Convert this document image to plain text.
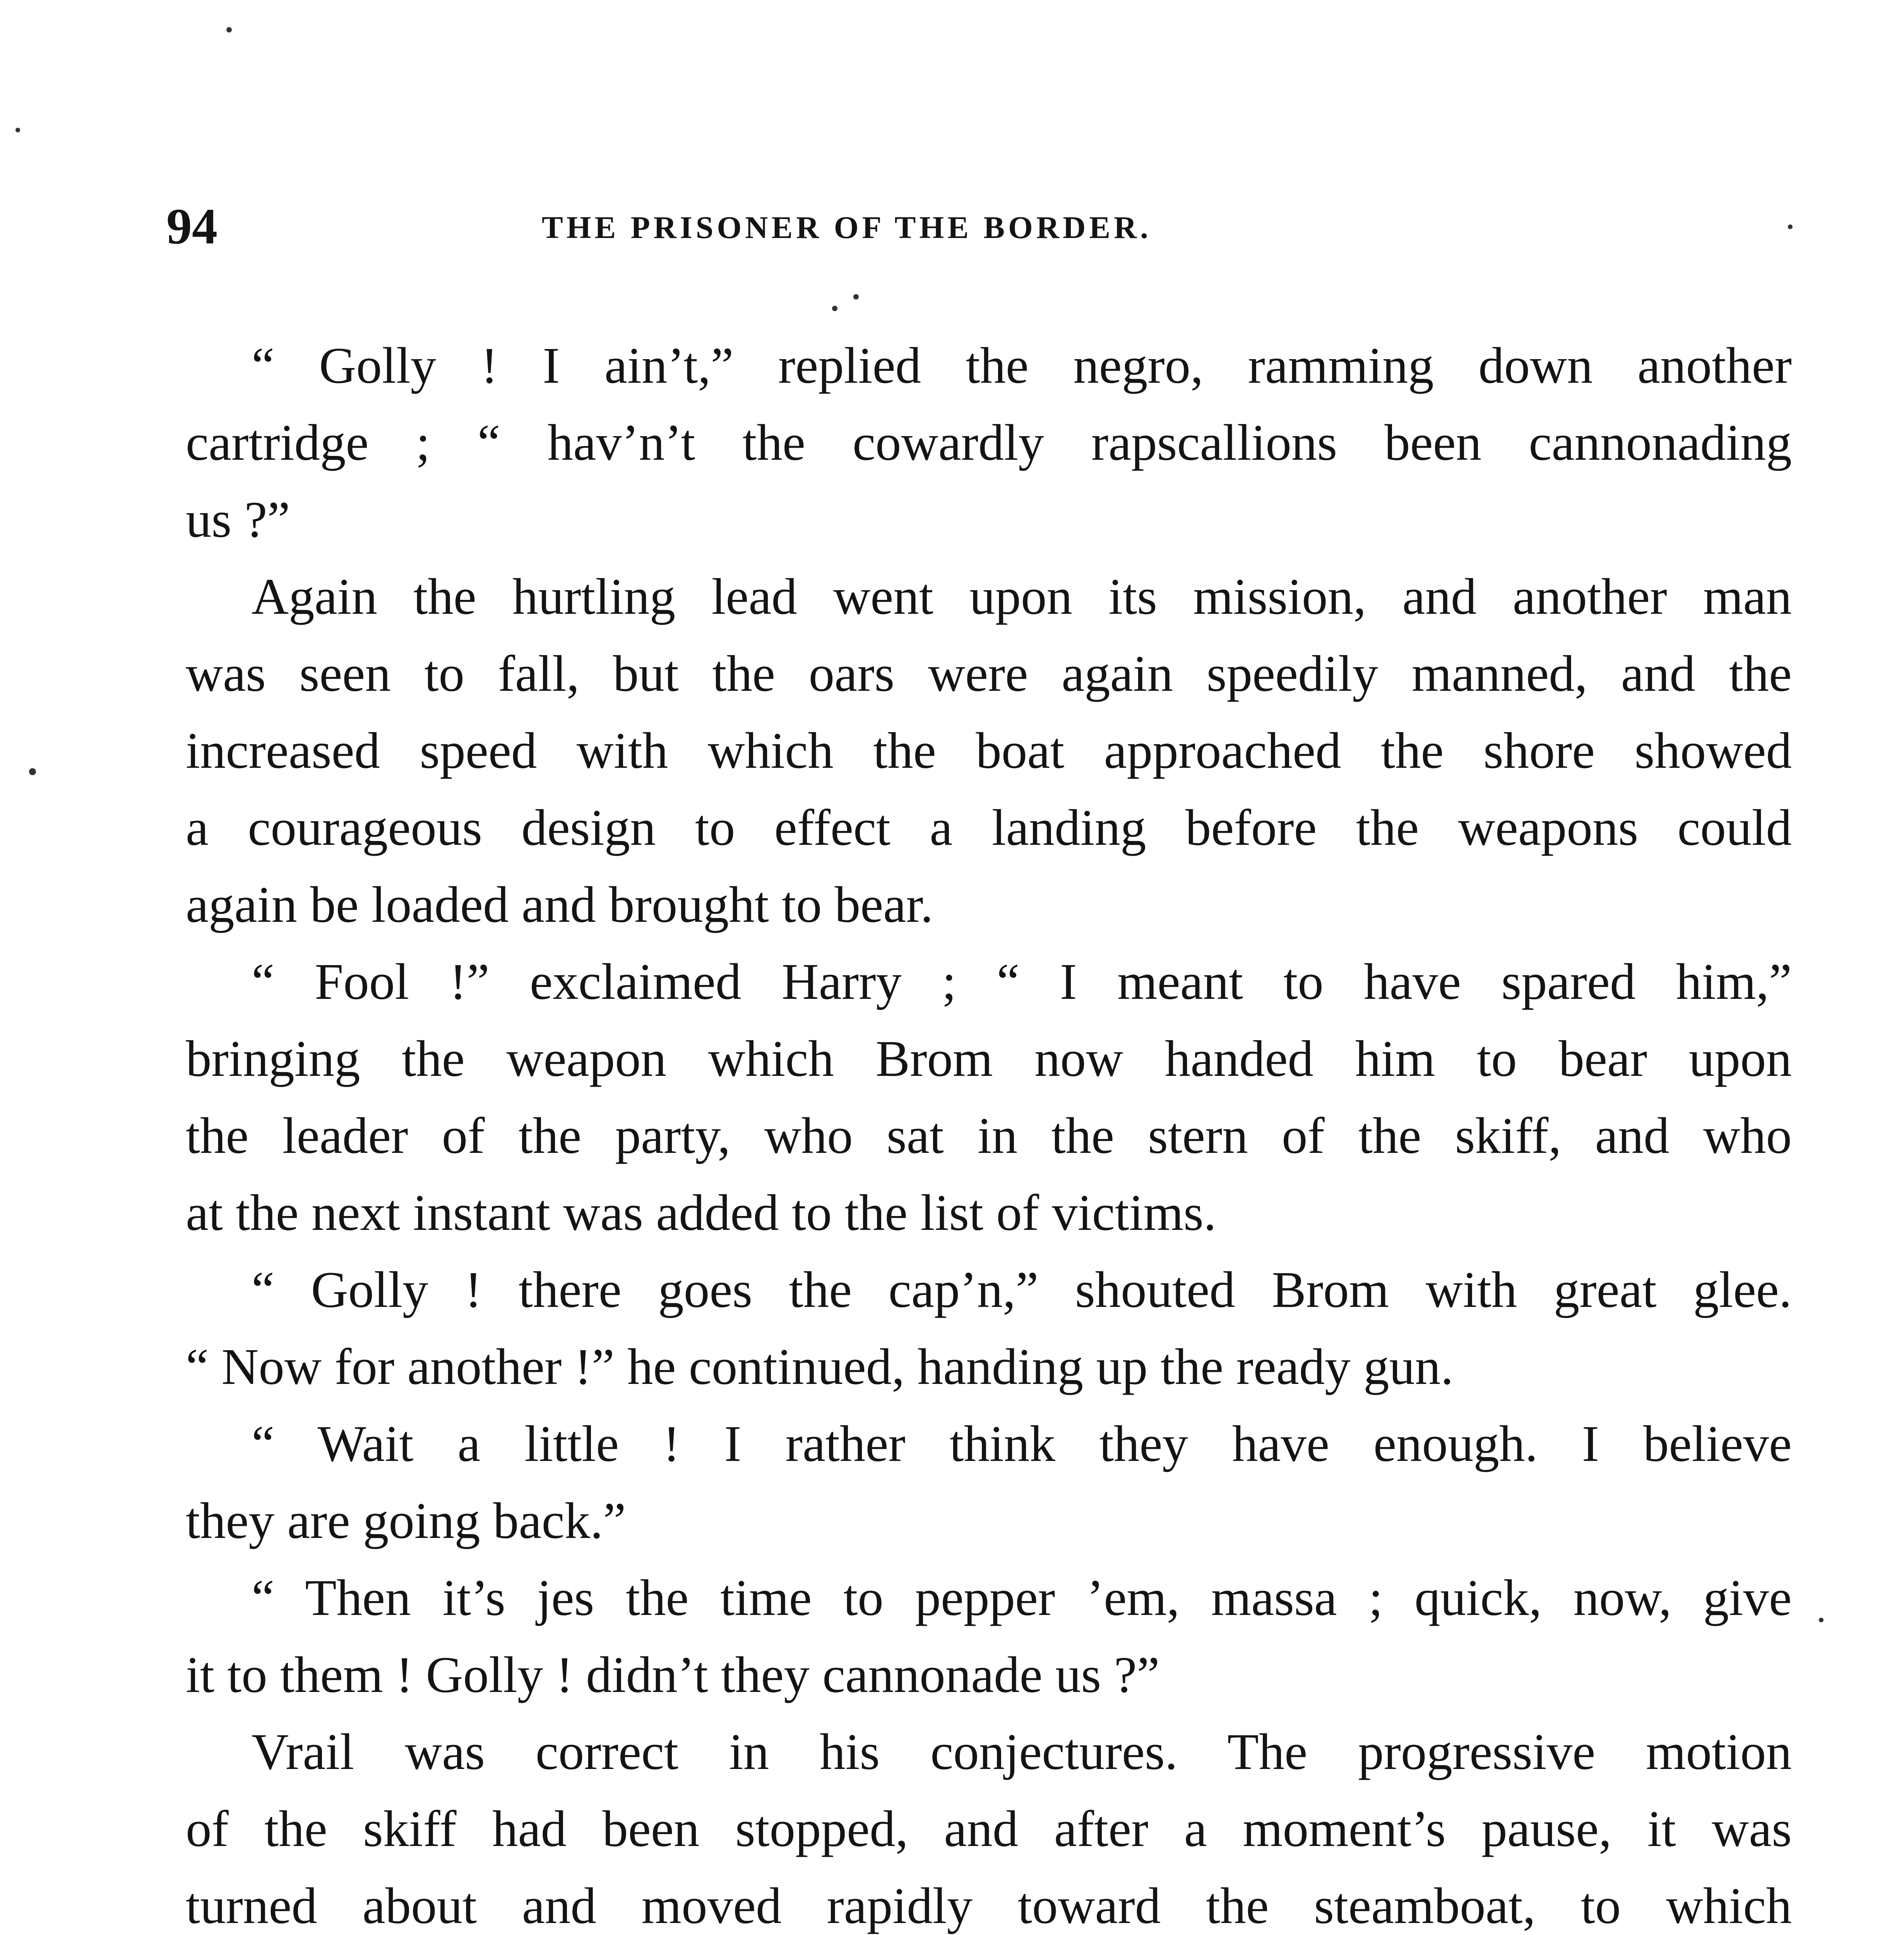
94	THE PRISONER OF THE BORDER.
“ Golly ! I ain’t,” replied the negro, ramming down another
cartridge ; “ hav’n’t the cowardly rapscallions been cannonading
us ?”
Again the hurtling lead went upon its mission, and another man
was seen to fall, but the oars were again speedily manned, and the
increased speed with which the boat approached the shore showed
a courageous design to effect a landing before the weapons could
again be loaded and brought to bear.
“ Fool !” exclaimed Harry ; “ I meant to have spared him,”
bringing the weapon which Brom now handed him to bear upon
the leader of the party, who sat in the stern of the skiff, and who
at the next instant was added to the list of victims.
“ Golly ! there goes the cap’n,” shouted Brom with great glee.
“ Now for another !” he continued, handing up the ready gun.
“ Wait a little ! I rather think they have enough. I believe
they are going back.”
“ Then it’s jes the time to pepper ’em, massa ; quick, now, give
it to them ! Golly ! didn’t they cannonade us ?”
Vrail was correct in his conjectures. The progressive motion
of the skiff had been stopped, and after a moment’s pause, it was
turned about and moved rapidly toward the steamboat, to which
